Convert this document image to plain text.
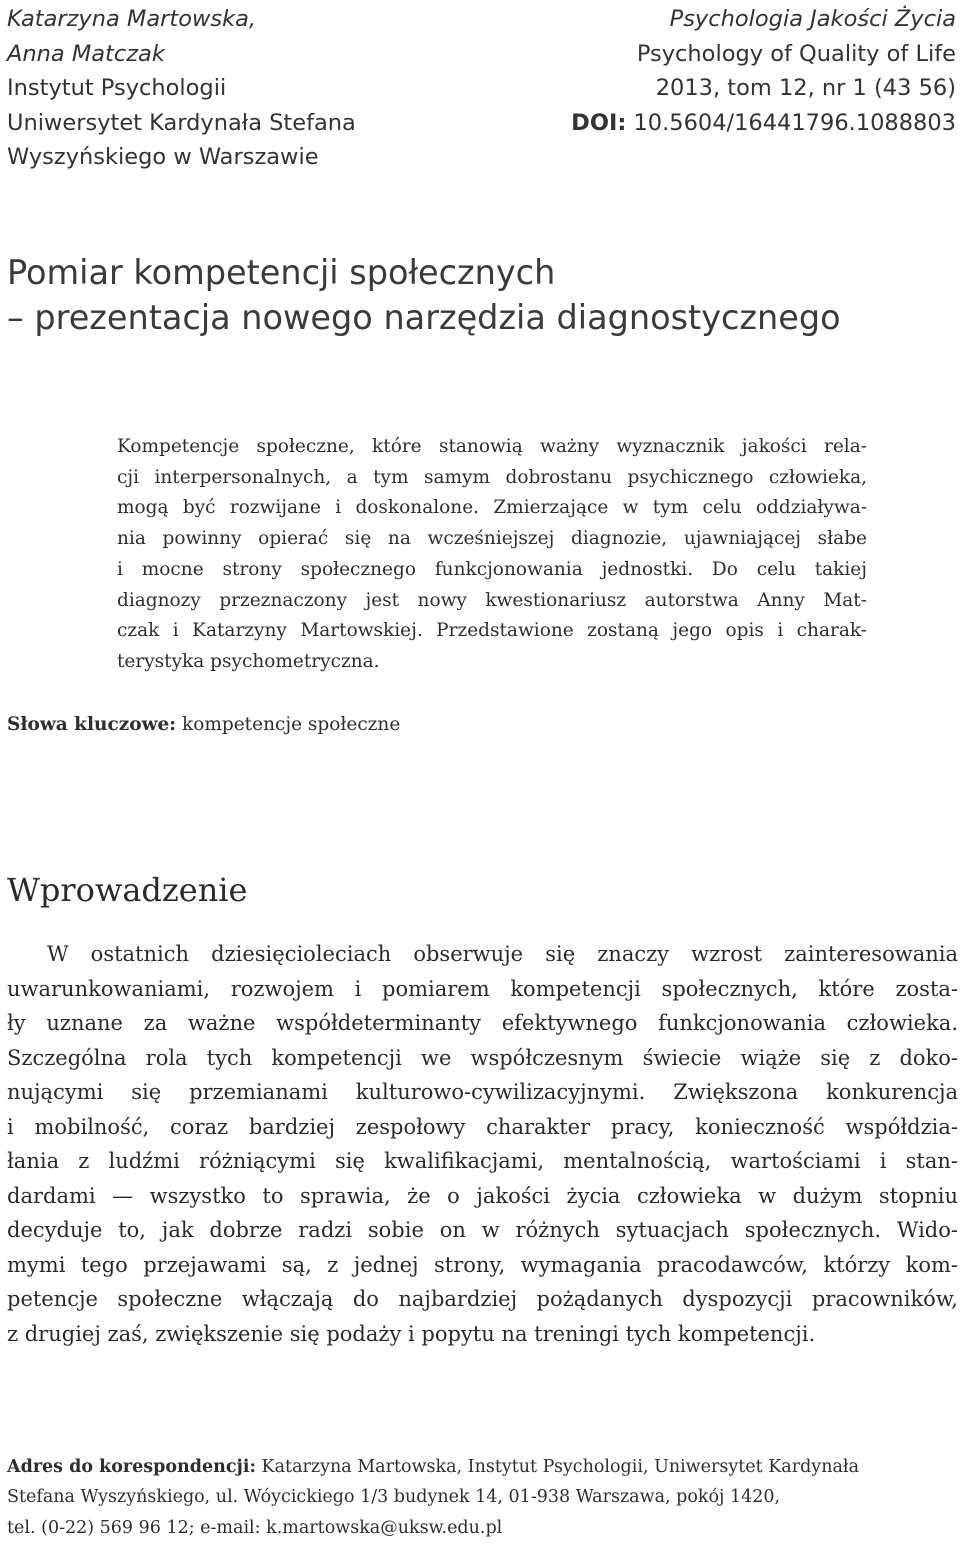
Katarzyna Martowska,
Anna Matczak
Instytut Psychologii
Uniwersytet Kardynała Stefana
Wyszyńskiego w Warszawie
Psychologia Jakości Życia
Psychology of Quality of Life
2013, tom 12, nr 1 (43 56)
DOI: 10.5604/16441796.1088803
Pomiar kompetencji społecznych
– prezentacja nowego narzędzia diagnostycznego
Kompetencje społeczne, które stanowią ważny wyznacznik jakości rela-
cji interpersonalnych, a tym samym dobrostanu psychicznego człowieka,
mogą być rozwijane i doskonalone. Zmierzające w tym celu oddziaływa-
nia powinny opierać się na wcześniejszej diagnozie, ujawniającej słabe
i mocne strony społecznego funkcjonowania jednostki. Do celu takiej
diagnozy przeznaczony jest nowy kwestionariusz autorstwa Anny Mat-
czak i Katarzyny Martowskiej. Przedstawione zostaną jego opis i charak-
terystyka psychometryczna.
Słowa kluczowe: kompetencje społeczne
Wprowadzenie
W ostatnich dziesięcioleciach obserwuje się znaczy wzrost zainteresowania
uwarunkowaniami, rozwojem i pomiarem kompetencji społecznych, które zosta-
ły uznane za ważne współdeterminanty efektywnego funkcjonowania człowieka.
Szczególna rola tych kompetencji we współczesnym świecie wiąże się z doko-
nującymi się przemianami kulturowo-cywilizacyjnymi. Zwiększona konkurencja
i mobilność, coraz bardziej zespołowy charakter pracy, konieczność współdzia-
łania z ludźmi różniącymi się kwalifikacjami, mentalnością, wartościami i stan-
dardami — wszystko to sprawia, że o jakości życia człowieka w dużym stopniu
decyduje to, jak dobrze radzi sobie on w różnych sytuacjach społecznych. Wido-
mymi tego przejawami są, z jednej strony, wymagania pracodawców, którzy kom-
petencje społeczne włączają do najbardziej pożądanych dyspozycji pracowników,
z drugiej zaś, zwiększenie się podaży i popytu na treningi tych kompetencji.
Adres do korespondencji: Katarzyna Martowska, Instytut Psychologii, Uniwersytet Kardynała
Stefana Wyszyńskiego, ul. Wóycickiego 1/3 budynek 14, 01-938 Warszawa, pokój 1420,
tel. (0-22) 569 96 12; e-mail: k.martowska@uksw.edu.pl
